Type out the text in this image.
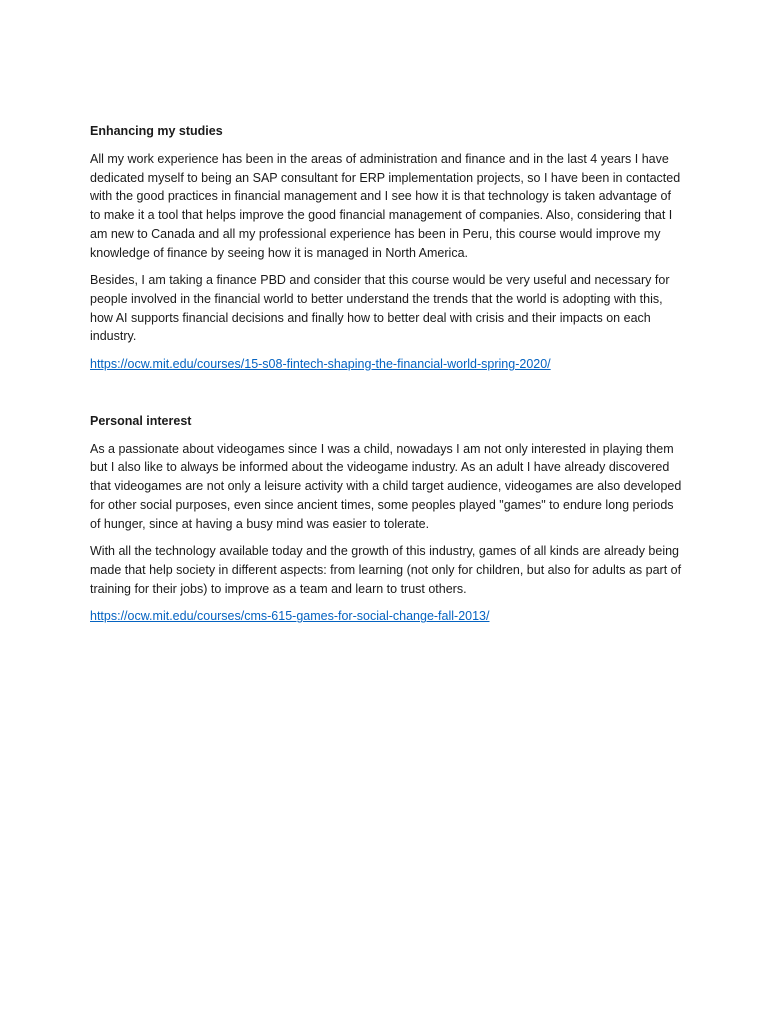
Enhancing my studies

All my work experience has been in the areas of administration and finance and in the last 4 years I have dedicated myself to being an SAP consultant for ERP implementation projects, so I have been in contacted with the good practices in financial management and I see how it is that technology is taken advantage of to make it a tool that helps improve the good financial management of companies. Also, considering that I am new to Canada and all my professional experience has been in Peru, this course would improve my knowledge of finance by seeing how it is managed in North America.

Besides, I am taking a finance PBD and consider that this course would be very useful and necessary for people involved in the financial world to better understand the trends that the world is adopting with this, how AI supports financial decisions and finally how to better deal with crisis and their impacts on each industry.

https://ocw.mit.edu/courses/15-s08-fintech-shaping-the-financial-world-spring-2020/
Personal interest

As a passionate about videogames since I was a child, nowadays I am not only interested in playing them but I also like to always be informed about the videogame industry. As an adult I have already discovered that videogames are not only a leisure activity with a child target audience, videogames are also developed for other social purposes, even since ancient times, some peoples played "games" to endure long periods of hunger, since at having a busy mind was easier to tolerate.

With all the technology available today and the growth of this industry, games of all kinds are already being made that help society in different aspects: from learning (not only for children, but also for adults as part of training for their jobs) to improve as a team and learn to trust others.

https://ocw.mit.edu/courses/cms-615-games-for-social-change-fall-2013/
